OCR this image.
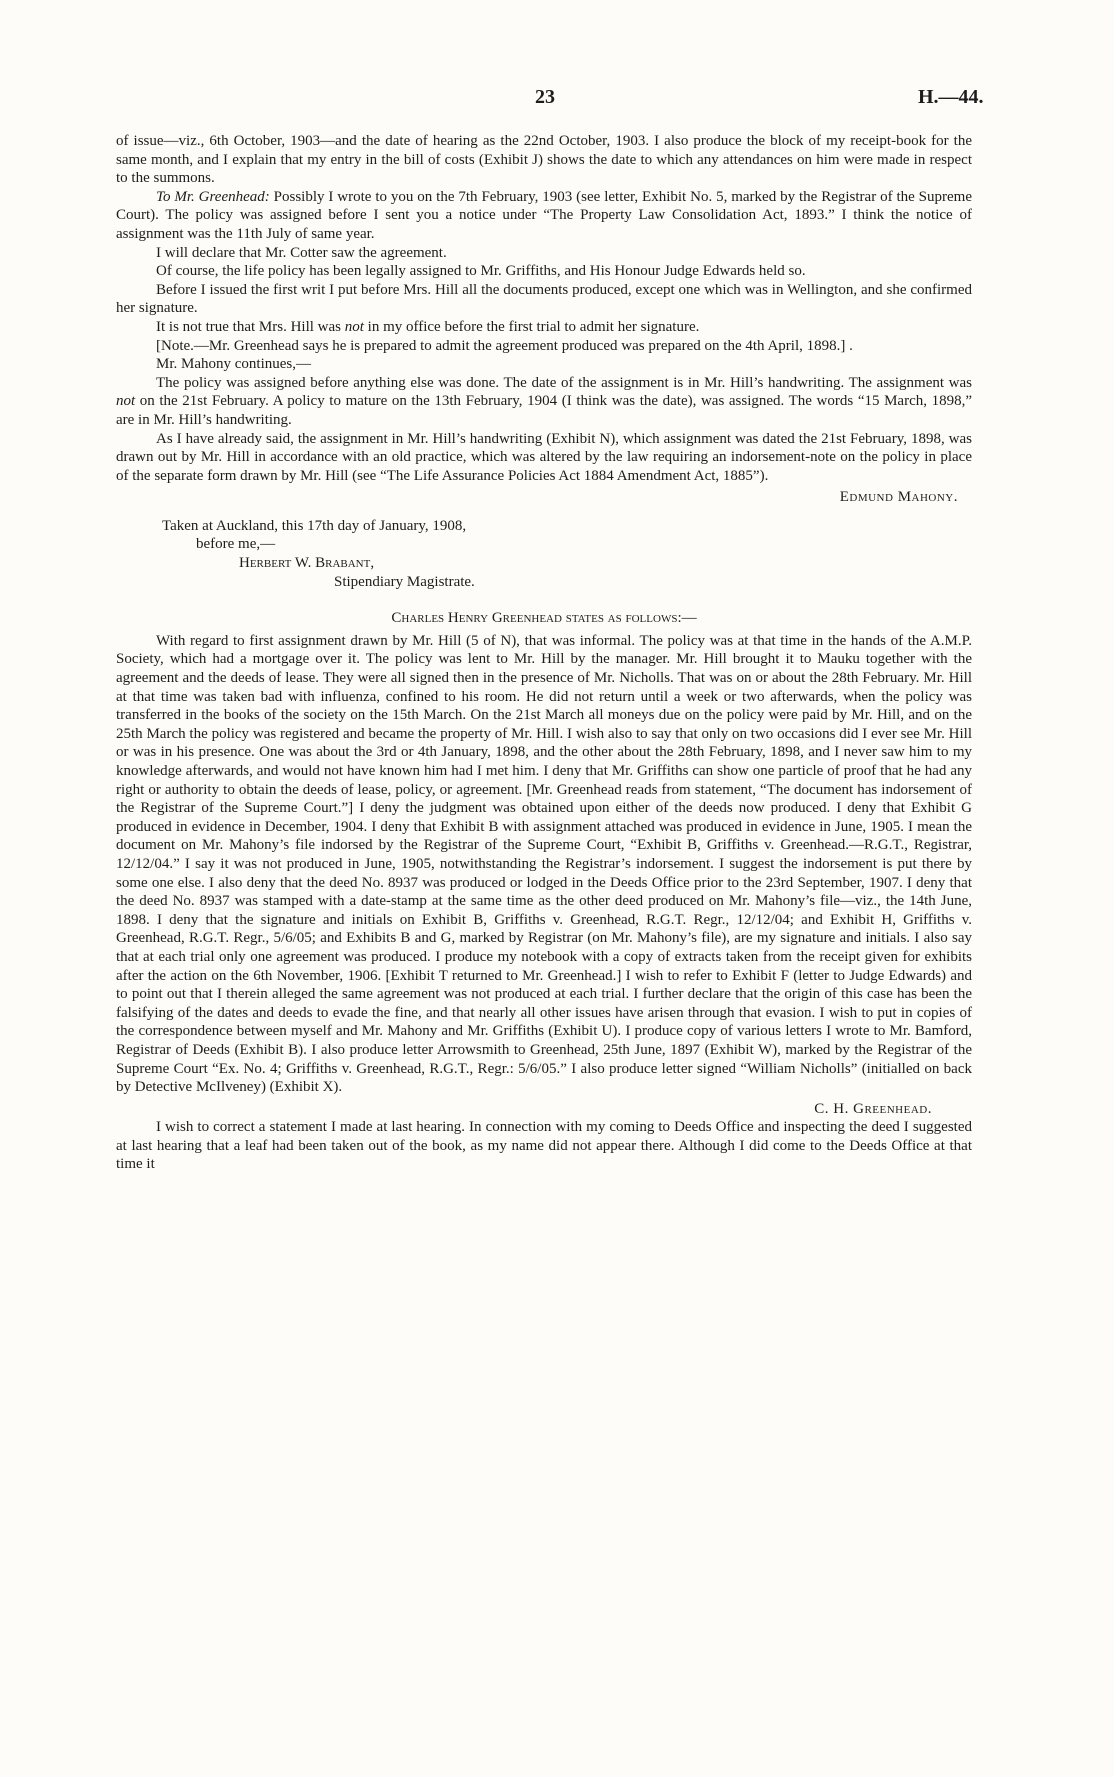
23	H.—44.

of issue—viz., 6th October, 1903—and the date of hearing as the 22nd October, 1903. I also produce the block of my receipt-book for the same month, and I explain that my entry in the bill of costs (Exhibit J) shows the date to which any attendances on him were made in respect to the summons.

To Mr. Greenhead: Possibly I wrote to you on the 7th February, 1903 (see letter, Exhibit No. 5, marked by the Registrar of the Supreme Court). The policy was assigned before I sent you a notice under “The Property Law Consolidation Act, 1893.” I think the notice of assignment was the 11th July of same year.

I will declare that Mr. Cotter saw the agreement.

Of course, the life policy has been legally assigned to Mr. Griffiths, and His Honour Judge Edwards held so.

Before I issued the first writ I put before Mrs. Hill all the documents produced, except one which was in Wellington, and she confirmed her signature.

It is not true that Mrs. Hill was not in my office before the first trial to admit her signature.

[Note.—Mr. Greenhead says he is prepared to admit the agreement produced was prepared on the 4th April, 1898.] .

Mr. Mahony continues,—

The policy was assigned before anything else was done. The date of the assignment is in Mr. Hill’s handwriting. The assignment was not on the 21st February. A policy to mature on the 13th February, 1904 (I think was the date), was assigned. The words “15 March, 1898,” are in Mr. Hill’s handwriting.

As I have already said, the assignment in Mr. Hill’s handwriting (Exhibit N), which assignment was dated the 21st February, 1898, was drawn out by Mr. Hill in accordance with an old practice, which was altered by the law requiring an indorsement-note on the policy in place of the separate form drawn by Mr. Hill (see “The Life Assurance Policies Act 1884 Amendment Act, 1885”).

Edmund Mahony.

Taken at Auckland, this 17th day of January, 1908,

before me,—

Herbert W. Brabant,

Stipendiary Magistrate.

Charles Henry Greenhead states as follows:—

With regard to first assignment drawn by Mr. Hill (5 of N), that was informal. The policy was at that time in the hands of the A.M.P. Society, which had a mortgage over it. The policy was lent to Mr. Hill by the manager. Mr. Hill brought it to Mauku together with the agreement and the deeds of lease. They were all signed then in the presence of Mr. Nicholls. That was on or about the 28th February. Mr. Hill at that time was taken bad with influenza, confined to his room. He did not return until a week or two afterwards, when the policy was transferred in the books of the society on the 15th March. On the 21st March all moneys due on the policy were paid by Mr. Hill, and on the 25th March the policy was registered and became the property of Mr. Hill. I wish also to say that only on two occasions did I ever see Mr. Hill or was in his presence. One was about the 3rd or 4th January, 1898, and the other about the 28th February, 1898, and I never saw him to my knowledge afterwards, and would not have known him had I met him. I deny that Mr. Griffiths can show one particle of proof that he had any right or authority to obtain the deeds of lease, policy, or agreement. [Mr. Greenhead reads from statement, “The document has indorsement of the Registrar of the Supreme Court.”] I deny the judgment was obtained upon either of the deeds now produced. I deny that Exhibit G produced in evidence in December, 1904. I deny that Exhibit B with assignment attached was produced in evidence in June, 1905. I mean the document on Mr. Mahony’s file indorsed by the Registrar of the Supreme Court, “Exhibit B, Griffiths v. Greenhead.—R.G.T., Registrar, 12/12/04.” I say it was not produced in June, 1905, notwithstanding the Registrar’s indorsement. I suggest the indorsement is put there by some one else. I also deny that the deed No. 8937 was produced or lodged in the Deeds Office prior to the 23rd September, 1907. I deny that the deed No. 8937 was stamped with a date-stamp at the same time as the other deed produced on Mr. Mahony’s file—viz., the 14th June, 1898. I deny that the signature and initials on Exhibit B, Griffiths v. Greenhead, R.G.T. Regr., 12/12/04; and Exhibit H, Griffiths v. Greenhead, R.G.T. Regr., 5/6/05; and Exhibits B and G, marked by Registrar (on Mr. Mahony’s file), are my signature and initials. I also say that at each trial only one agreement was produced. I produce my notebook with a copy of extracts taken from the receipt given for exhibits after the action on the 6th November, 1906. [Exhibit T returned to Mr. Greenhead.] I wish to refer to Exhibit F (letter to Judge Edwards) and to point out that I therein alleged the same agreement was not produced at each trial. I further declare that the origin of this case has been the falsifying of the dates and deeds to evade the fine, and that nearly all other issues have arisen through that evasion. I wish to put in copies of the correspondence between myself and Mr. Mahony and Mr. Griffiths (Exhibit U). I produce copy of various letters I wrote to Mr. Bamford, Registrar of Deeds (Exhibit B). I also produce letter Arrowsmith to Greenhead, 25th June, 1897 (Exhibit W), marked by the Registrar of the Supreme Court “Ex. No. 4; Griffiths v. Greenhead, R.G.T., Regr.: 5/6/05.” I also produce letter signed “William Nicholls” (initialled on back by Detective McIlveney) (Exhibit X).

C. H. Greenhead.

I wish to correct a statement I made at last hearing. In connection with my coming to Deeds Office and inspecting the deed I suggested at last hearing that a leaf had been taken out of the book, as my name did not appear there. Although I did come to the Deeds Office at that time it
